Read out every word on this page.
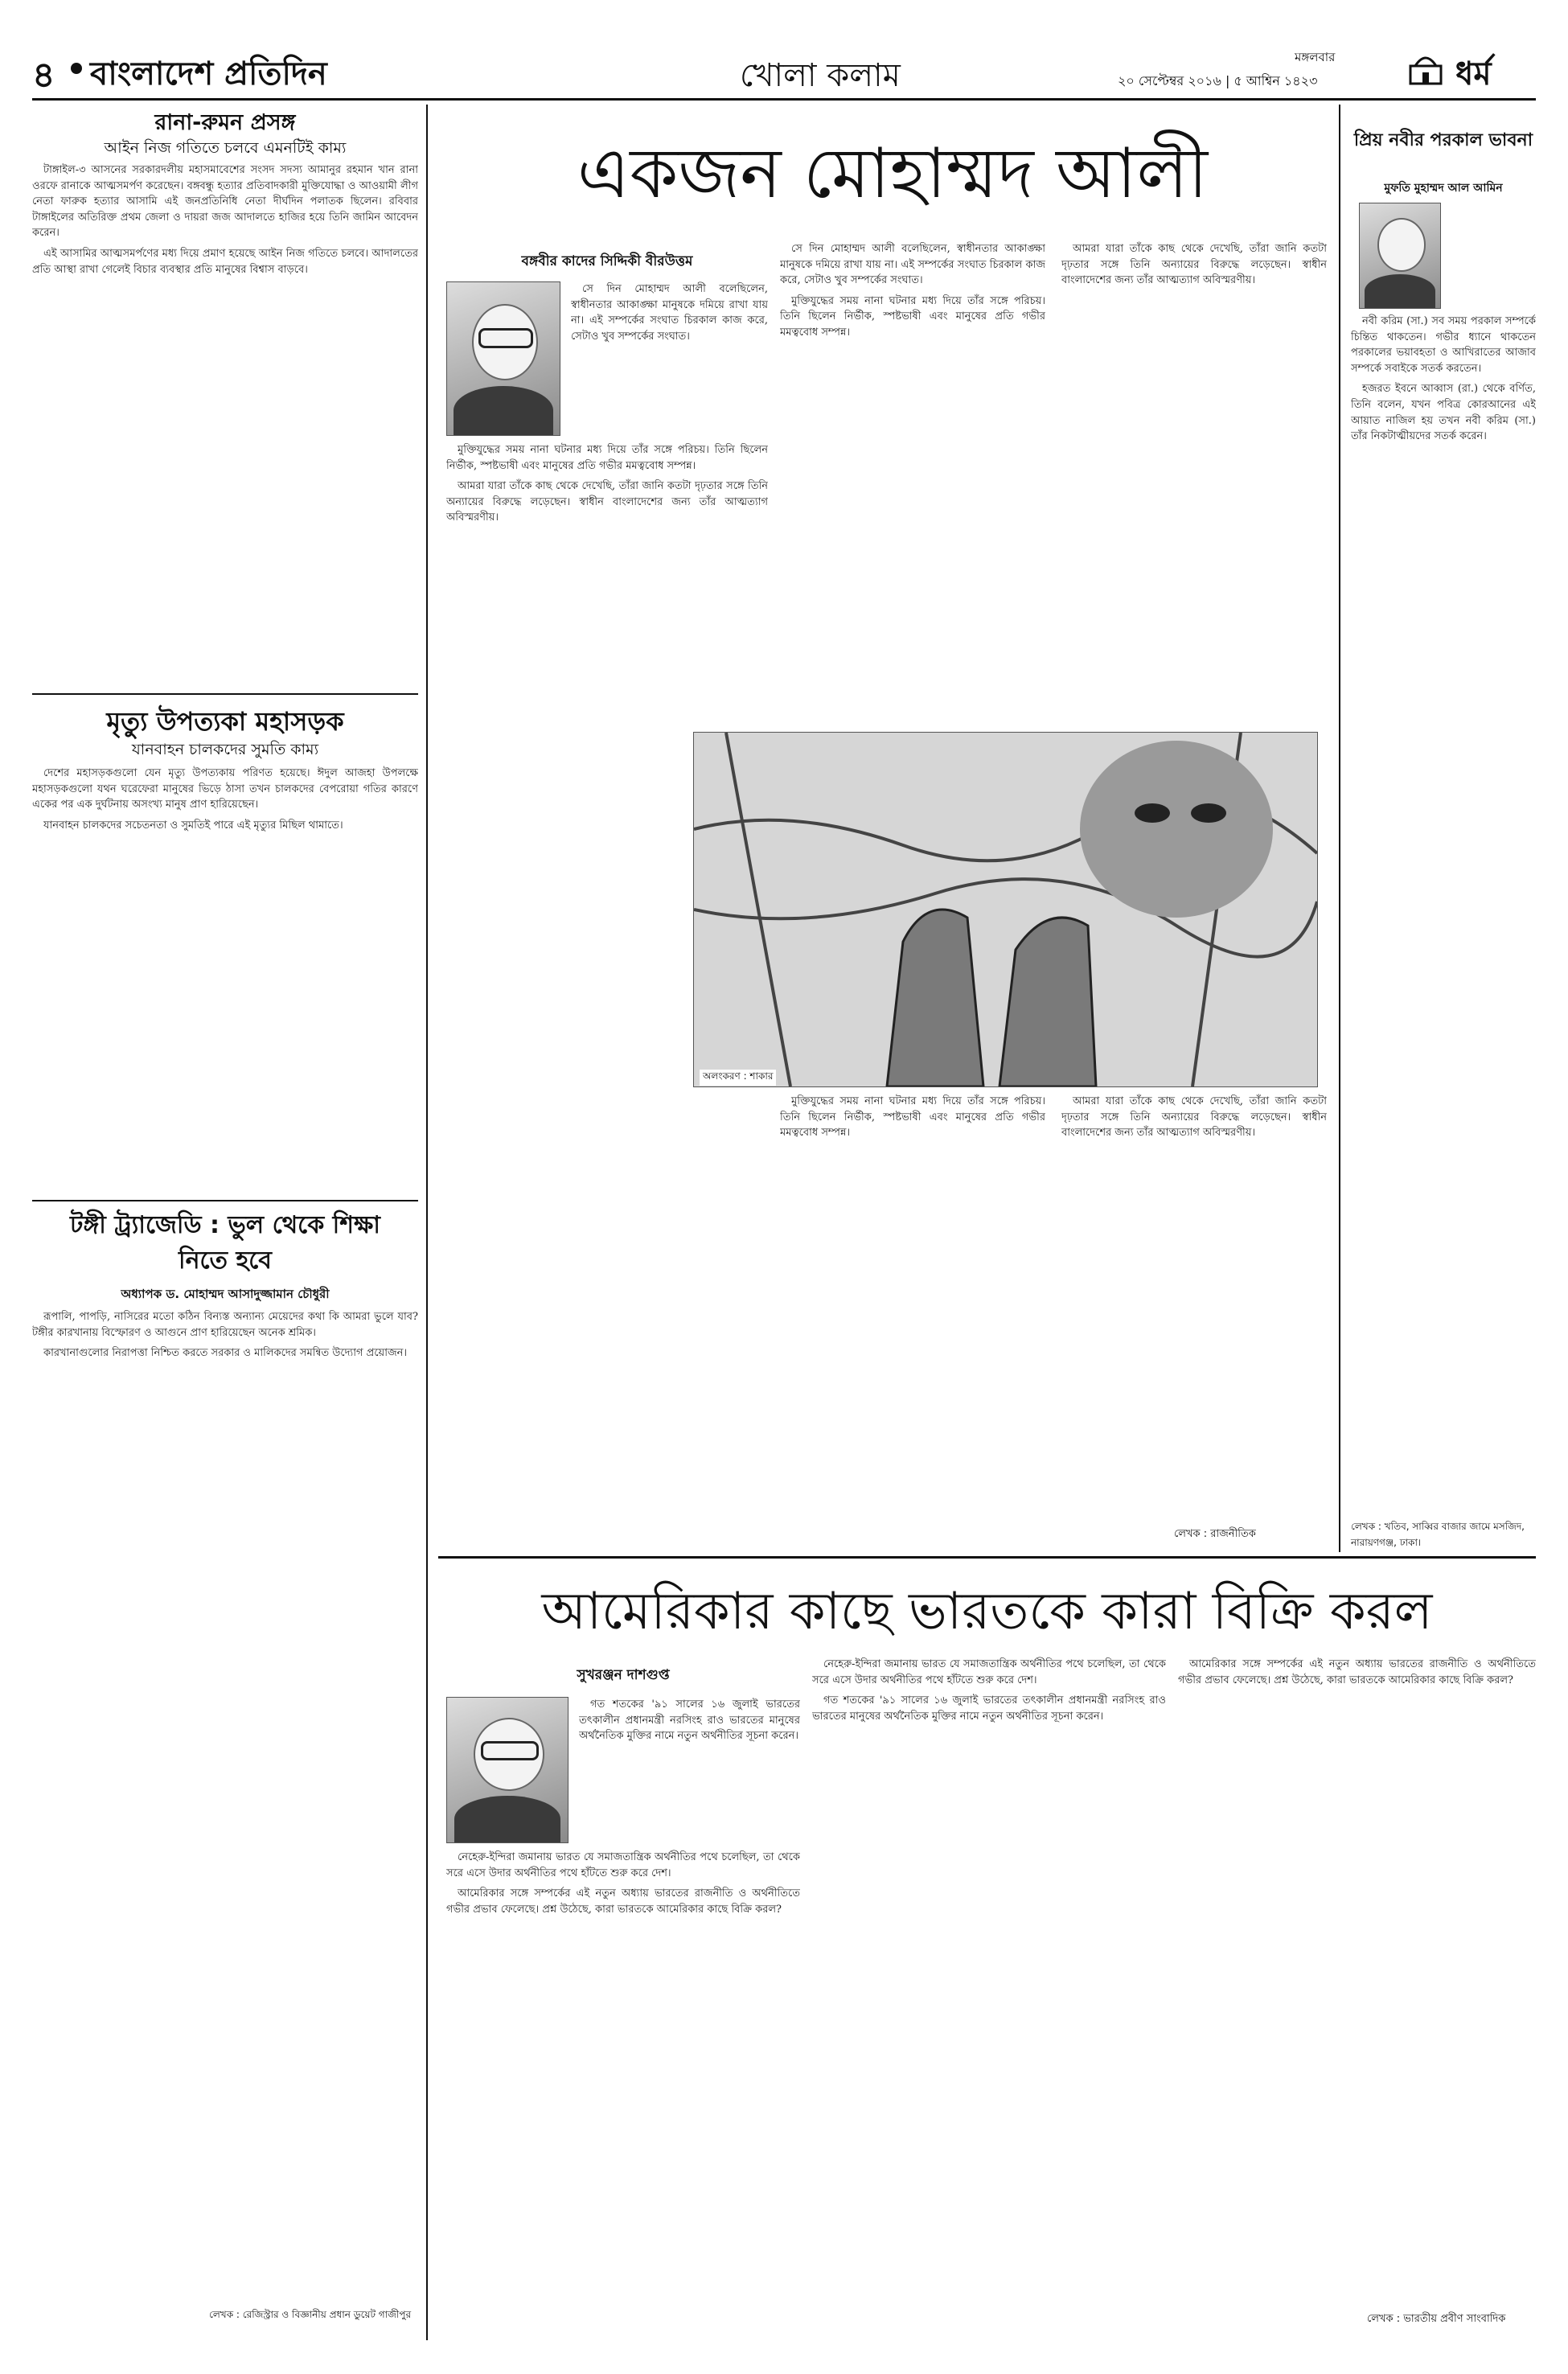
৪ বাংলাদেশ প্রতিদিন	খোলা কলাম	মঙ্গলবার
২০ সেপ্টেম্বর ২০১৬ | ৫ আশ্বিন ১৪২৩	ধর্ম
রানা-রুমন প্রসঙ্গ
আইন নিজ গতিতে চলবে এমনটিই কাম্য

টাঙ্গাইল-৩ আসনের সরকারদলীয় মহাসমাবেশের সংসদ সদস্য আমানুর রহমান খান রানা ওরফে রানাকে আত্মসমর্পণ করেছেন। বঙ্গবন্ধু হত্যার প্রতিবাদকারী মুক্তিযোদ্ধা ও আওয়ামী লীগ নেতা ফারুক হত্যার আসামি এই জনপ্রতিনিধি নেতা দীর্ঘদিন পলাতক ছিলেন। রবিবার টাঙ্গাইলের অতিরিক্ত প্রথম জেলা ও দায়রা জজ আদালতে হাজির হয়ে তিনি জামিন আবেদন করেন।

এই আসামির আত্মসমর্পণের মধ্য দিয়ে প্রমাণ হয়েছে আইন নিজ গতিতে চলবে। আদালতের প্রতি আস্থা রাখা গেলেই বিচার ব্যবস্থার প্রতি মানুষের বিশ্বাস বাড়বে।

মৃত্যু উপত্যকা মহাসড়ক
যানবাহন চালকদের সুমতি কাম্য

দেশের মহাসড়কগুলো যেন মৃত্যু উপত্যকায় পরিণত হয়েছে। ঈদুল আজহা উপলক্ষে মহাসড়কগুলো যথন ঘরেফেরা মানুষের ভিড়ে ঠাসা তখন চালকদের বেপরোয়া গতির কারণে একের পর এক দুর্ঘটনায় অসংখ্য মানুষ প্রাণ হারিয়েছেন।

যানবাহন চালকদের সচেতনতা ও সুমতিই পারে এই মৃত্যুর মিছিল থামাতে।

টঙ্গী ট্র্যাজেডি : ভুল থেকে শিক্ষা নিতে হবে
অধ্যাপক ড. মোহাম্মদ আসাদুজ্জামান চৌধুরী

রূপালি, পাপড়ি, নাসিরের মতো কঠিন বিন্যস্ত অন্যান্য মেয়েদের কথা কি আমরা ভুলে যাব? টঙ্গীর কারখানায় বিস্ফোরণ ও আগুনে প্রাণ হারিয়েছেন অনেক শ্রমিক।

কারখানাগুলোর নিরাপত্তা নিশ্চিত করতে সরকার ও মালিকদের সমন্বিত উদ্যোগ প্রয়োজন।

লেখক : রেজিস্ট্রার ও বিজ্ঞানীয় প্রধান ডুয়েট গাজীপুর
একজন মোহাম্মদ আলী
বঙ্গবীর কাদের সিদ্দিকী বীরউত্তম

সে দিন মোহাম্মদ আলী বলেছিলেন, স্বাধীনতার আকাঙ্ক্ষা মানুষকে দমিয়ে রাখা যায় না। এই সম্পর্কের সংঘাত চিরকাল কাজ করে, সেটাও খুব সম্পর্কের সংঘাত।

মুক্তিযুদ্ধের সময় নানা ঘটনার মধ্য দিয়ে তাঁর সঙ্গে পরিচয়। তিনি ছিলেন নির্ভীক, স্পষ্টভাষী এবং মানুষের প্রতি গভীর মমত্ববোধ সম্পন্ন।

আমরা যারা তাঁকে কাছ থেকে দেখেছি, তাঁরা জানি কতটা দৃঢ়তার সঙ্গে তিনি অন্যায়ের বিরুদ্ধে লড়েছেন। স্বাধীন বাংলাদেশের জন্য তাঁর আত্মত্যাগ অবিস্মরণীয়।

সে দিন মোহাম্মদ আলী বলেছিলেন, স্বাধীনতার আকাঙ্ক্ষা মানুষকে দমিয়ে রাখা যায় না। এই সম্পর্কের সংঘাত চিরকাল কাজ করে, সেটাও খুব সম্পর্কের সংঘাত।

মুক্তিযুদ্ধের সময় নানা ঘটনার মধ্য দিয়ে তাঁর সঙ্গে পরিচয়। তিনি ছিলেন নির্ভীক, স্পষ্টভাষী এবং মানুষের প্রতি গভীর মমত্ববোধ সম্পন্ন।

আমরা যারা তাঁকে কাছ থেকে দেখেছি, তাঁরা জানি কতটা দৃঢ়তার সঙ্গে তিনি অন্যায়ের বিরুদ্ধে লড়েছেন। স্বাধীন বাংলাদেশের জন্য তাঁর আত্মত্যাগ অবিস্মরণীয়।

অলংকরণ : শাকার

মুক্তিযুদ্ধের সময় নানা ঘটনার মধ্য দিয়ে তাঁর সঙ্গে পরিচয়। তিনি ছিলেন নির্ভীক, স্পষ্টভাষী এবং মানুষের প্রতি গভীর মমত্ববোধ সম্পন্ন।

আমরা যারা তাঁকে কাছ থেকে দেখেছি, তাঁরা জানি কতটা দৃঢ়তার সঙ্গে তিনি অন্যায়ের বিরুদ্ধে লড়েছেন। স্বাধীন বাংলাদেশের জন্য তাঁর আত্মত্যাগ অবিস্মরণীয়।

লেখক : রাজনীতিক
প্রিয় নবীর পরকাল ভাবনা
মুফতি মুহাম্মদ আল আমিন

নবী করিম (সা.) সব সময় পরকাল সম্পর্কে চিন্তিত থাকতেন। গভীর ধ্যানে থাকতেন পরকালের ভয়াবহতা ও আখিরাতের আজাব সম্পর্কে সবাইকে সতর্ক করতেন।

হজরত ইবনে আব্বাস (রা.) থেকে বর্ণিত, তিনি বলেন, যখন পবিত্র কোরআনের এই আয়াত নাজিল হয় তখন নবী করিম (সা.) তাঁর নিকটাত্মীয়দের সতর্ক করেন।

লেখক : খতিব, সাব্বির বাজার জামে মসজিদ, নারায়ণগঞ্জ, ঢাকা।
আমেরিকার কাছে ভারতকে কারা বিক্রি করল
সুখরঞ্জন দাশগুপ্ত

গত শতকের '৯১ সালের ১৬ জুলাই ভারতের তৎকালীন প্রধানমন্ত্রী নরসিংহ রাও ভারতের মানুষের অর্থনৈতিক মুক্তির নামে নতুন অর্থনীতির সূচনা করেন।

নেহেরু-ইন্দিরা জমানায় ভারত যে সমাজতান্ত্রিক অর্থনীতির পথে চলেছিল, তা থেকে সরে এসে উদার অর্থনীতির পথে হাঁটতে শুরু করে দেশ।

আমেরিকার সঙ্গে সম্পর্কের এই নতুন অধ্যায় ভারতের রাজনীতি ও অর্থনীতিতে গভীর প্রভাব ফেলেছে। প্রশ্ন উঠেছে, কারা ভারতকে আমেরিকার কাছে বিক্রি করল?

নেহেরু-ইন্দিরা জমানায় ভারত যে সমাজতান্ত্রিক অর্থনীতির পথে চলেছিল, তা থেকে সরে এসে উদার অর্থনীতির পথে হাঁটতে শুরু করে দেশ।

গত শতকের '৯১ সালের ১৬ জুলাই ভারতের তৎকালীন প্রধানমন্ত্রী নরসিংহ রাও ভারতের মানুষের অর্থনৈতিক মুক্তির নামে নতুন অর্থনীতির সূচনা করেন।

আমেরিকার সঙ্গে সম্পর্কের এই নতুন অধ্যায় ভারতের রাজনীতি ও অর্থনীতিতে গভীর প্রভাব ফেলেছে। প্রশ্ন উঠেছে, কারা ভারতকে আমেরিকার কাছে বিক্রি করল?

লেখক : ভারতীয় প্রবীণ সাংবাদিক
